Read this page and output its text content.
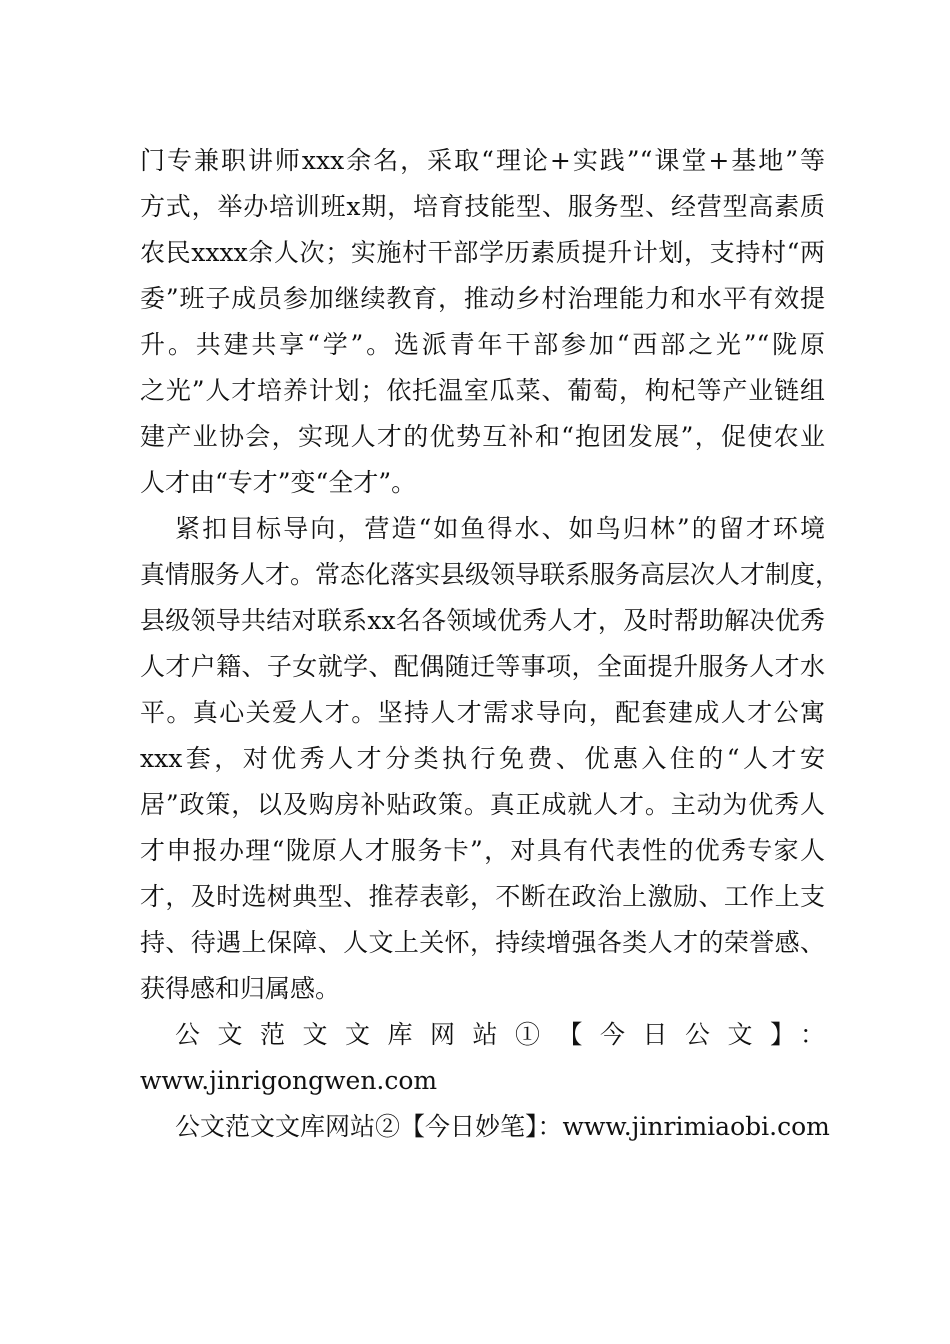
门专兼职讲师xxx余名，采取“理论+实践”“课堂+基地”等
方式，举办培训班x期，培育技能型、服务型、经营型高素质
农民xxxx余人次；实施村干部学历素质提升计划，支持村“两
委”班子成员参加继续教育，推动乡村治理能力和水平有效提
升。共建共享“学”。选派青年干部参加“西部之光”“陇原
之光”人才培养计划；依托温室瓜菜、葡萄，枸杞等产业链组
建产业协会，实现人才的优势互补和“抱团发展”，促使农业
人才由“专才”变“全才”。
紧扣目标导向，营造“如鱼得水、如鸟归林”的留才环境
真情服务人才。常态化落实县级领导联系服务高层次人才制度，
县级领导共结对联系xx名各领域优秀人才，及时帮助解决优秀
人才户籍、子女就学、配偶随迁等事项，全面提升服务人才水
平。真心关爱人才。坚持人才需求导向，配套建成人才公寓
xxx套，对优秀人才分类执行免费、优惠入住的“人才安
居”政策，以及购房补贴政策。真正成就人才。主动为优秀人
才申报办理“陇原人才服务卡”，对具有代表性的优秀专家人
才，及时选树典型、推荐表彰，不断在政治上激励、工作上支
持、待遇上保障、人文上关怀，持续增强各类人才的荣誉感、
获得感和归属感。
公文范文文库网站①【今日公文】：
www.jinrigongwen.com
公文范文文库网站②【今日妙笔】：www.jinrimiaobi.com
